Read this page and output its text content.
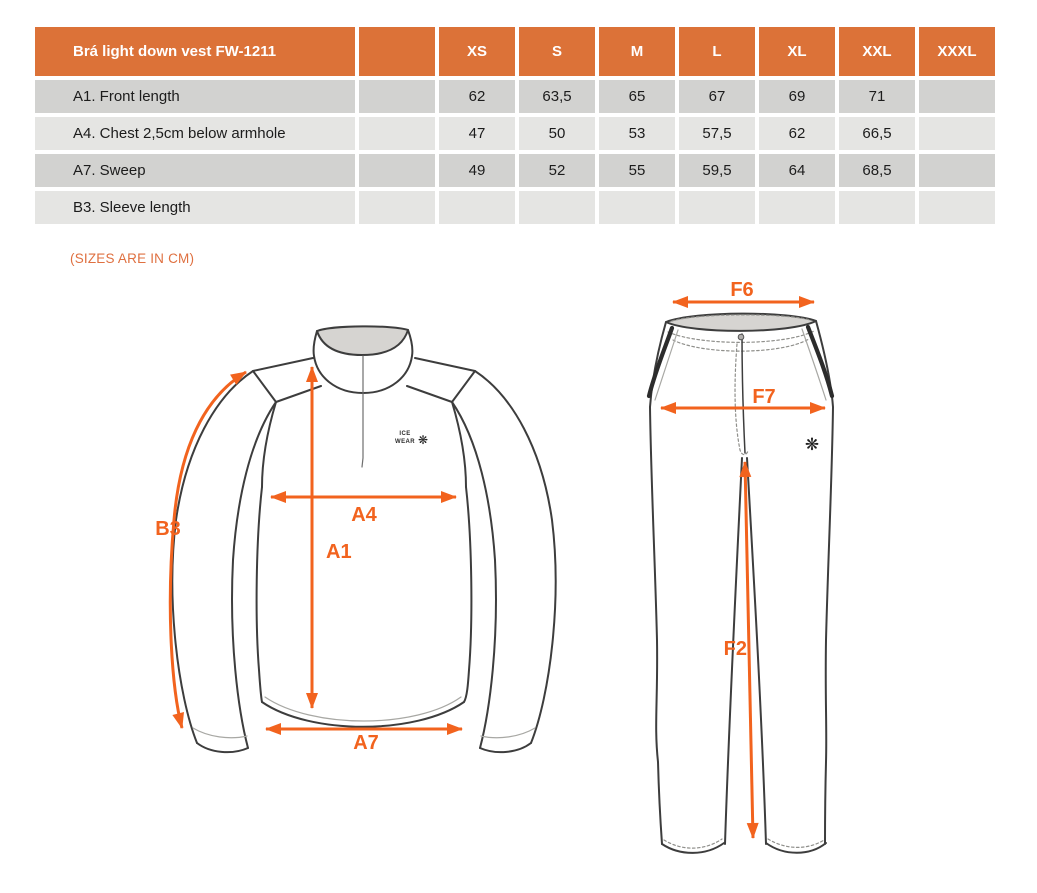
Brá light down vest FW-1211		XS	S	M	L	XL	XXL	XXXL
A1. Front length		62	63,5	65	67	69	71	
A4. Chest 2,5cm below armhole		47	50	53	57,5	62	66,5	
A7. Sweep		49	52	55	59,5	64	68,5	
B3. Sleeve length								
(SIZES ARE IN CM)
ICE
WEAR ❋
B3
A1
A4
A7
❋
F6
F7
F2
